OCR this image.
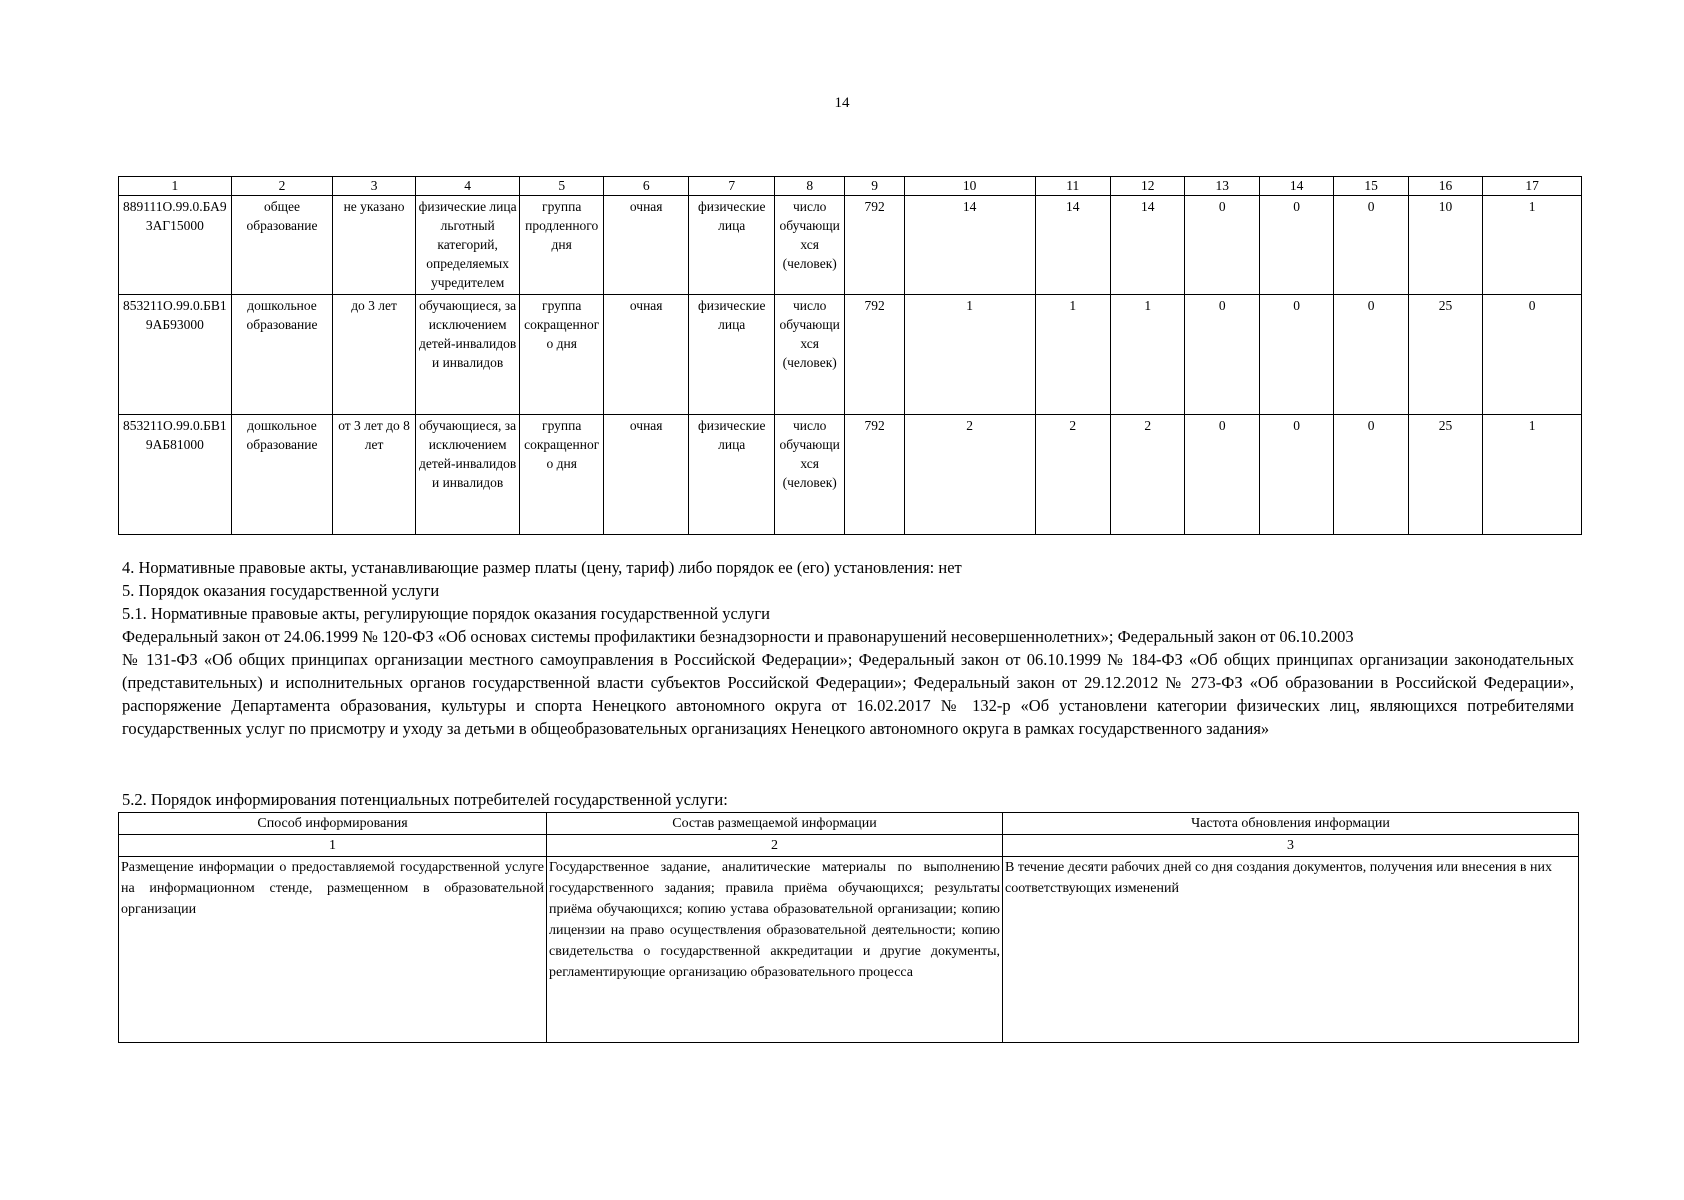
14
1	2	3	4	5	6	7	8	9	10	11	12	13	14	15	16	17
889111О.99.0.БА93АГ15000	общее образование	не указано	физические лица льготный категорий, определяемых учредителем	группа продленного дня	очная	физические лица	число обучающихся (человек)	792	14	14	14	0	0	0	10	1
853211О.99.0.БВ19АБ93000	дошкольное образование	до 3 лет	обучающиеся, за исключением детей-инвалидов и инвалидов	группа сокращенного дня	очная	физические лица	число обучающихся (человек)	792	1	1	1	0	0	0	25	0
853211О.99.0.БВ19АБ81000	дошкольное образование	от 3 лет до 8 лет	обучающиеся, за исключением детей-инвалидов и инвалидов	группа сокращенного дня	очная	физические лица	число обучающихся (человек)	792	2	2	2	0	0	0	25	1

4. Нормативные правовые акты, устанавливающие размер платы (цену, тариф) либо порядок ее (его) установления: нет

5. Порядок оказания государственной услуги

5.1. Нормативные правовые акты, регулирующие порядок оказания государственной услуги

Федеральный закон от 24.06.1999 № 120-ФЗ «Об основах системы профилактики безнадзорности и правонарушений несовершеннолетних»; Федеральный закон от 06.10.2003

№ 131-ФЗ «Об общих принципах организации местного самоуправления в Российской Федерации»; Федеральный закон от 06.10.1999 № 184-ФЗ «Об общих принципах организации законодательных (представительных) и исполнительных органов государственной власти субъектов Российской Федерации»; Федеральный закон от 29.12.2012 № 273-ФЗ «Об образовании в Российской Федерации», распоряжение Департамента образования, культуры и спорта Ненецкого автономного округа от 16.02.2017 № 132-р «Об установлени категории физических лиц, являющихся потребителями государственных услуг по присмотру и уходу за детьми в общеобразовательных организациях Ненецкого автономного округа в рамках государственного задания»

5.2. Порядок информирования потенциальных потребителей государственной услуги:
Способ информирования	Состав размещаемой информации	Частота обновления информации
1	2	3
Размещение информации о предоставляемой государственной услуге на информационном стенде, размещенном в образовательной организации	Государственное задание, аналитические материалы по выполнению государственного задания; правила приёма обучающихся; результаты приёма обучающихся; копию устава образовательной организации; копию лицензии на право осуществления образовательной деятельности; копию свидетельства о государственной аккредитации и другие документы, регламентирующие организацию образовательного процесса	В течение десяти рабочих дней со дня создания документов, получения или внесения в них соответствующих изменений
